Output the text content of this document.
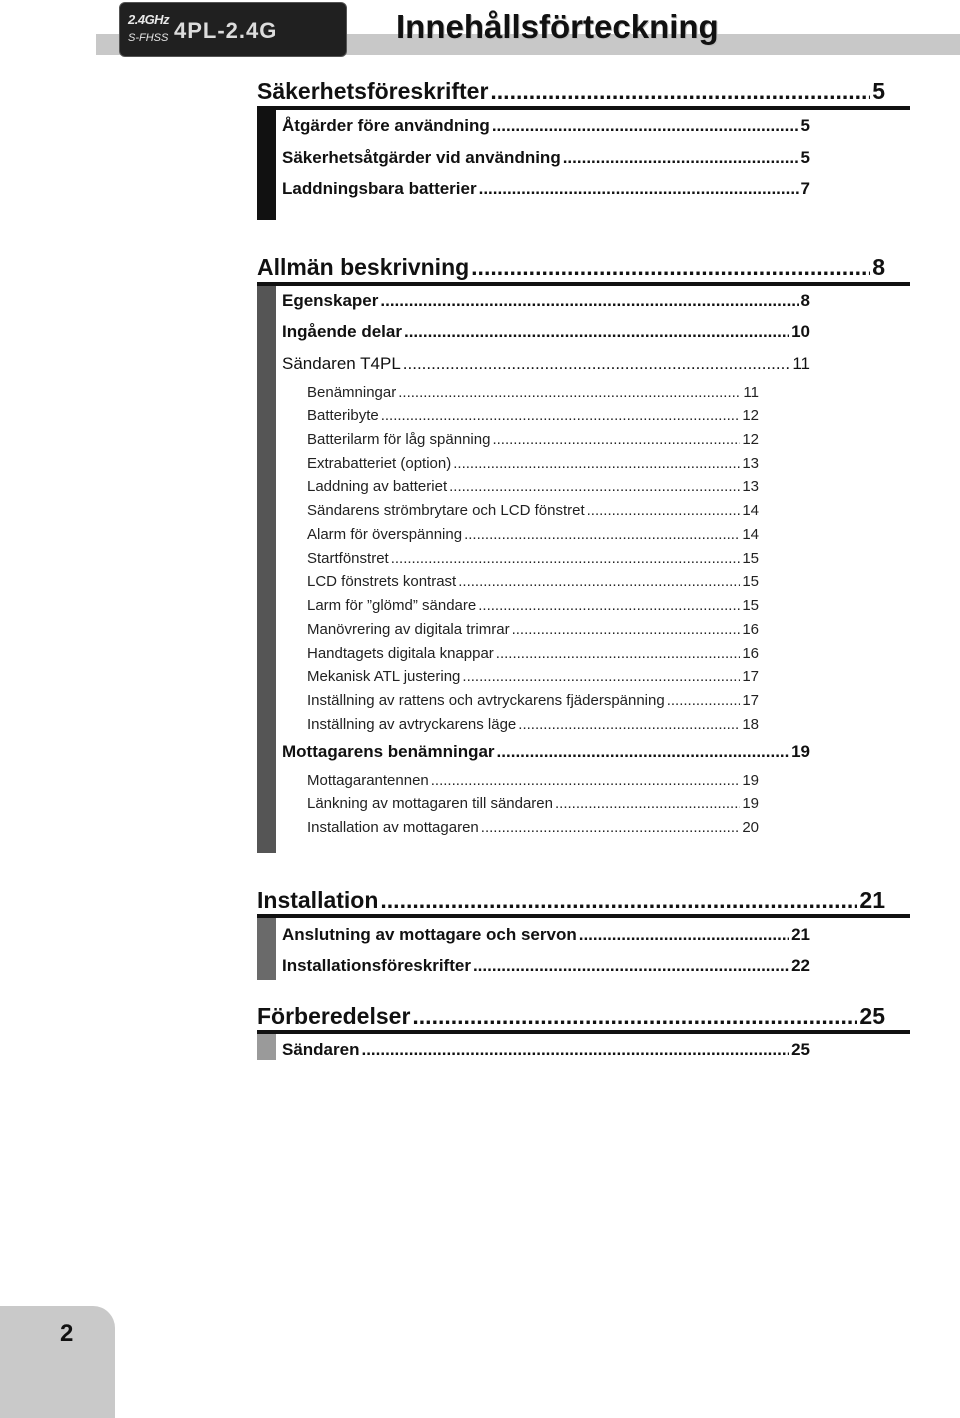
2.4GHz
S-FHSS 4PL-2.4G	Innehållsförteckning
Säkerhetsföreskrifter .....	5
Åtgärder före användning .....	5
Säkerhetsåtgärder vid användning .....	5
Laddningsbara batterier .....	7
Allmän beskrivning .....	8
Egenskaper .....	8
Ingående delar .....	10
Sändaren T4PL .....	11
Benämningar .....	11
Batteribyte .....	12
Batterilarm för låg spänning .....	12
Extrabatteriet (option) .....	13
Laddning av batteriet .....	13
Sändarens strömbrytare och LCD fönstret .....	14
Alarm för överspänning .....	14
Startfönstret .....	15
LCD fönstrets kontrast .....	15
Larm för ”glömd” sändare .....	15
Manövrering av digitala trimrar .....	16
Handtagets digitala knappar .....	16
Mekanisk ATL justering .....	17
Inställning av rattens och avtryckarens fjäderspänning .....	17
Inställning av avtryckarens läge .....	18
Mottagarens benämningar .....	19
Mottagarantennen .....	19
Länkning av mottagaren till sändaren .....	19
Installation av mottagaren .....	20
Installation .....	21
Anslutning av mottagare och servon .....	21
Installationsföreskrifter .....	22
Förberedelser .....	25
Sändaren .....	25
2
